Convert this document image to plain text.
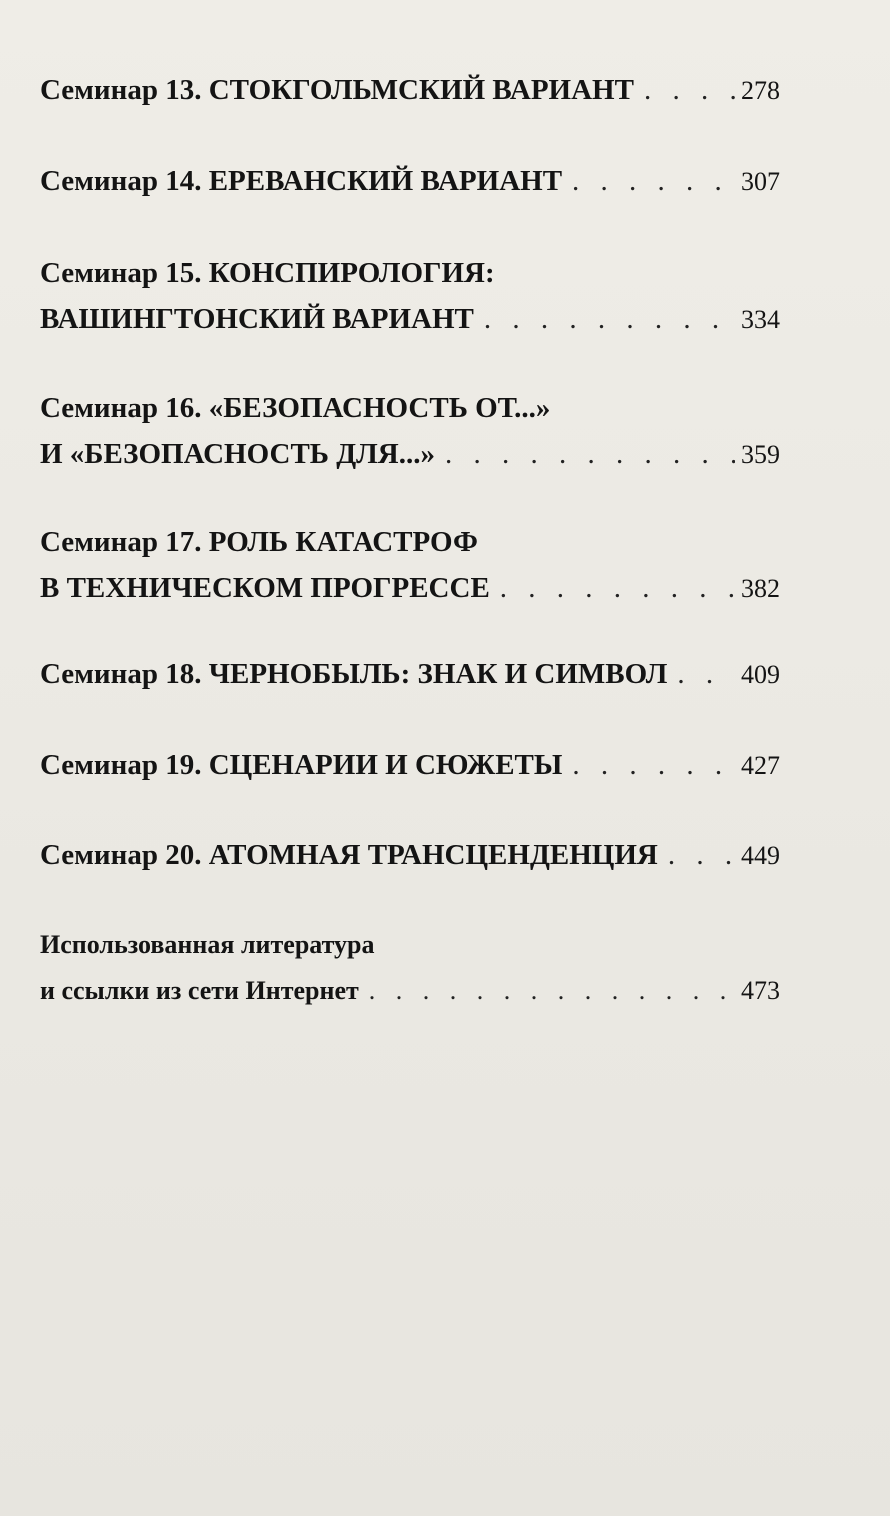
Семинар 13. СТОКГОЛЬМСКИЙ ВАРИАНТ . . .	278
Семинар 14. ЕРЕВАНСКИЙ ВАРИАНТ . . .	307
Семинар 15. КОНСПИРОЛОГИЯ:
ВАШИНГТОНСКИЙ ВАРИАНТ . . .	334
Семинар 16. «БЕЗОПАСНОСТЬ ОТ...»
И «БЕЗОПАСНОСТЬ ДЛЯ...» . . .	359
Семинар 17. РОЛЬ КАТАСТРОФ
В ТЕХНИЧЕСКОМ ПРОГРЕССЕ . . .	382
Семинар 18. ЧЕРНОБЫЛЬ: ЗНАК И СИМВОЛ . . .	409
Семинар 19. СЦЕНАРИИ И СЮЖЕТЫ . . .	427
Семинар 20. АТОМНАЯ ТРАНСЦЕНДЕНЦИЯ . . .	449
Использованная литература
и ссылки из сети Интернет . . .	473
